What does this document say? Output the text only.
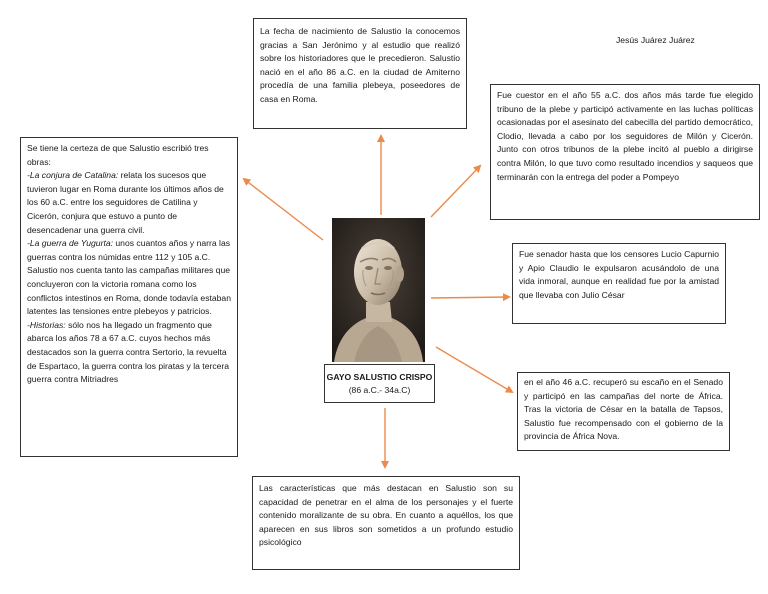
Jesús Juárez Juárez

La fecha de nacimiento de Salustio la conocemos gracias a San Jerónimo y al estudio que realizó sobre los historiadores que le precedieron. Salustio nació en el año 86 a.C. en la ciudad de Amiterno procedía de una familia plebeya, poseedores de casa en Roma.	Fue cuestor en el año 55 a.C. dos años más tarde fue elegido tribuno de la plebe y participó activamente en las luchas políticas ocasionadas por el asesinato del cabecilla del partido democrático, Clodio, llevada a cabo por los seguidores de Milón y Cicerón. Junto con otros tribunos de la plebe incitó al pueblo a dirigirse contra Milón, lo que tuvo como resultado incendios y saqueos que terminarán con la entrega del poder a Pompeyo

Se tiene la certeza de que Salustio escribió tres obras:

-La conjura de Catalina: relata los sucesos que tuvieron lugar en Roma durante los últimos años de los 60 a.C. entre los seguidores de Catilina y Cicerón, conjura que estuvo a punto de desencadenar una guerra civil.

-La guerra de Yugurta: unos cuantos años y narra las guerras contra los númidas entre 112 y 105 a.C. Salustio nos cuenta tanto las campañas militares que concluyeron con la victoria romana como los conflictos intestinos en Roma, donde todavía estaban latentes las tensiones entre plebeyos y patricios.

-Historias: sólo nos ha llegado un fragmento que abarca los años 78 a 67 a.C. cuyos hechos más destacados son la guerra contra Sertorio, la revuelta de Espartaco, la guerra contra los piratas y la tercera guerra contra Mitriadres

Fue senador hasta que los censores Lucio Capurnio y Apio Claudio le expulsaron acusándolo de una vida inmoral, aunque en realidad fue por la amistad que llevaba con Julio César

en el año 46 a.C. recuperó su escaño en el Senado y participó en las campañas del norte de África. Tras la victoria de César en la batalla de Tapsos, Salustio fue recompensado con el gobierno de la provincia de África Nova.

Las características que más destacan en Salustio son su capacidad de penetrar en el alma de los personajes y el fuerte contenido moralizante de su obra. En cuanto a aquéllos, los que aparecen en sus libros son sometidos a un profundo estudio psicológico

GAYO SALUSTIO CRISPO
(86 a.C.- 34a.C)
